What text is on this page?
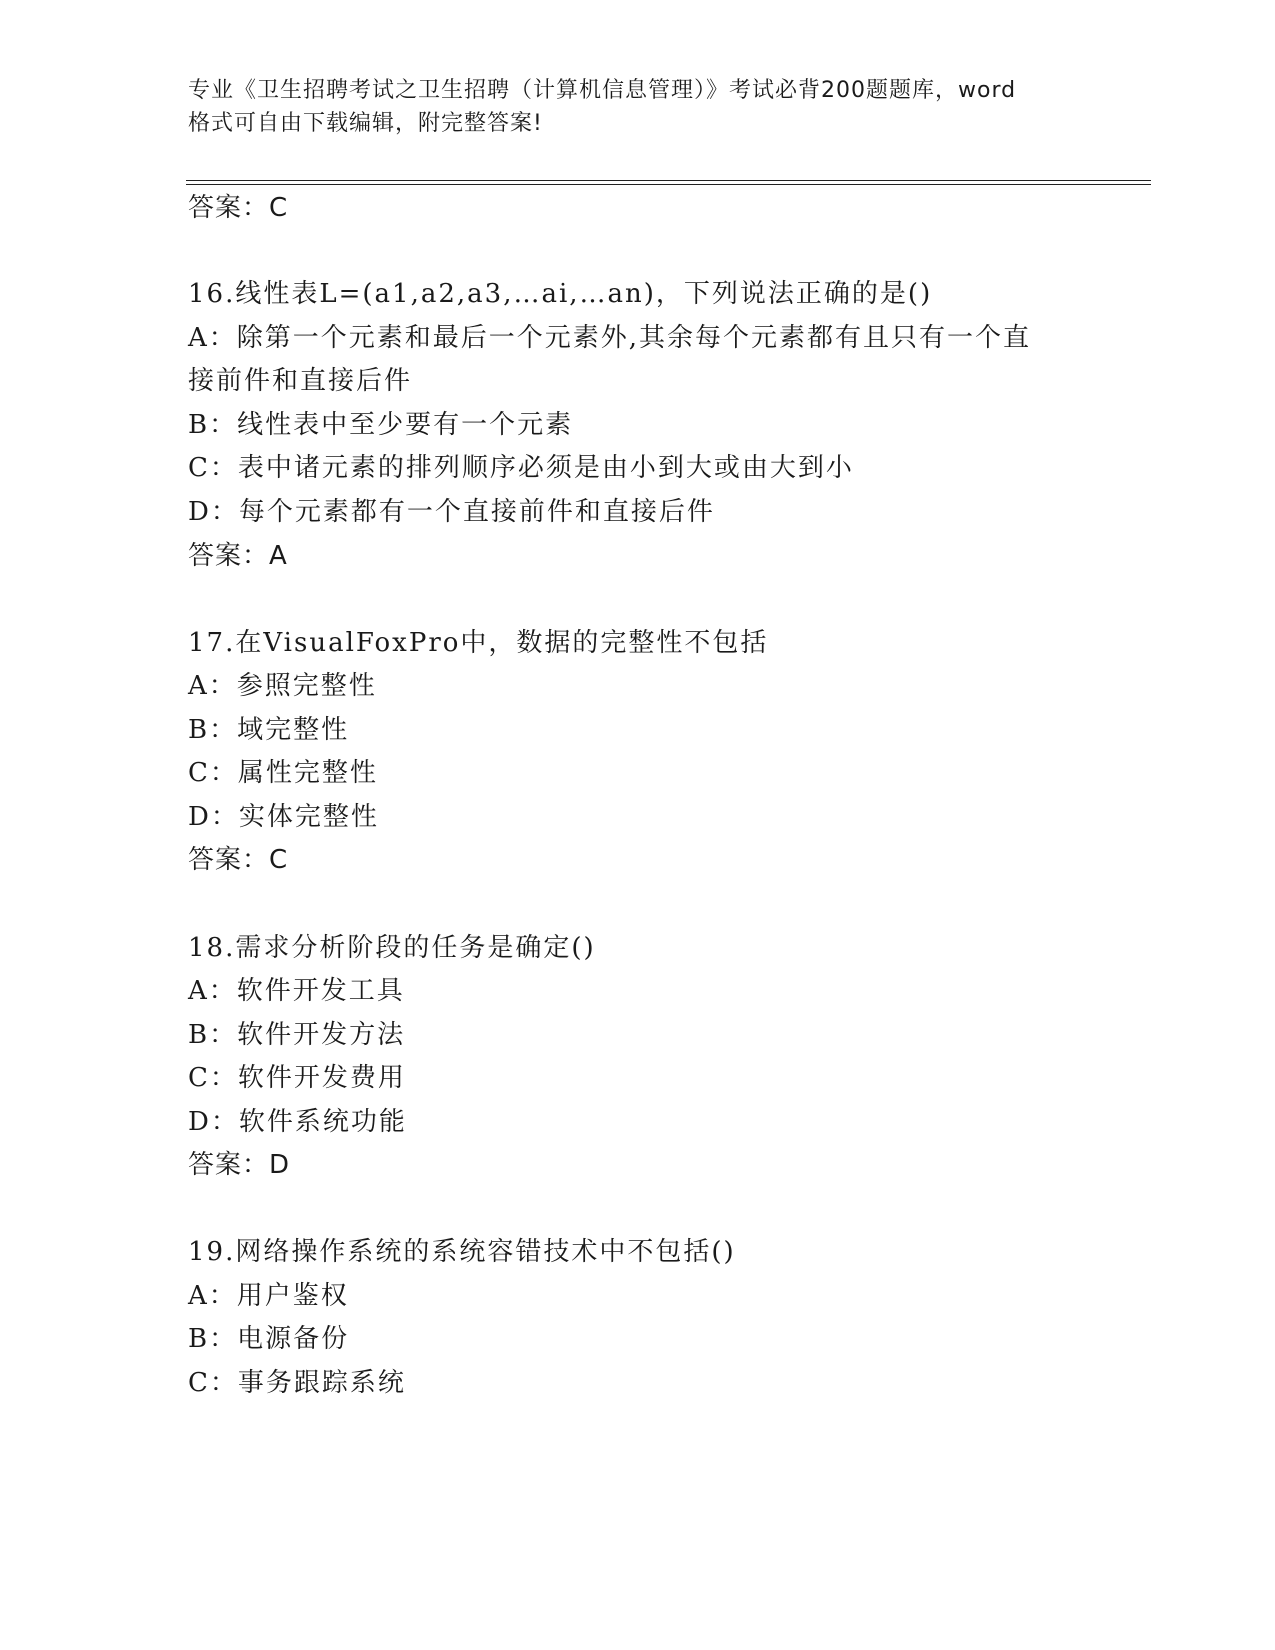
专业《卫生招聘考试之卫生招聘（计算机信息管理）》考试必背200题题库，word
格式可自由下载编辑，附完整答案!
答案：C
16.线性表L=(a1,a2,a3,…ai,…an)，下列说法正确的是()
A：除第一个元素和最后一个元素外,其余每个元素都有且只有一个直
接前件和直接后件
B：线性表中至少要有一个元素
C：表中诸元素的排列顺序必须是由小到大或由大到小
D：每个元素都有一个直接前件和直接后件
答案：A
17.在VisualFoxPro中，数据的完整性不包括
A：参照完整性
B：域完整性
C：属性完整性
D：实体完整性
答案：C
18.需求分析阶段的任务是确定()
A：软件开发工具
B：软件开发方法
C：软件开发费用
D：软件系统功能
答案：D
19.网络操作系统的系统容错技术中不包括()
A：用户鉴权
B：电源备份
C：事务跟踪系统
